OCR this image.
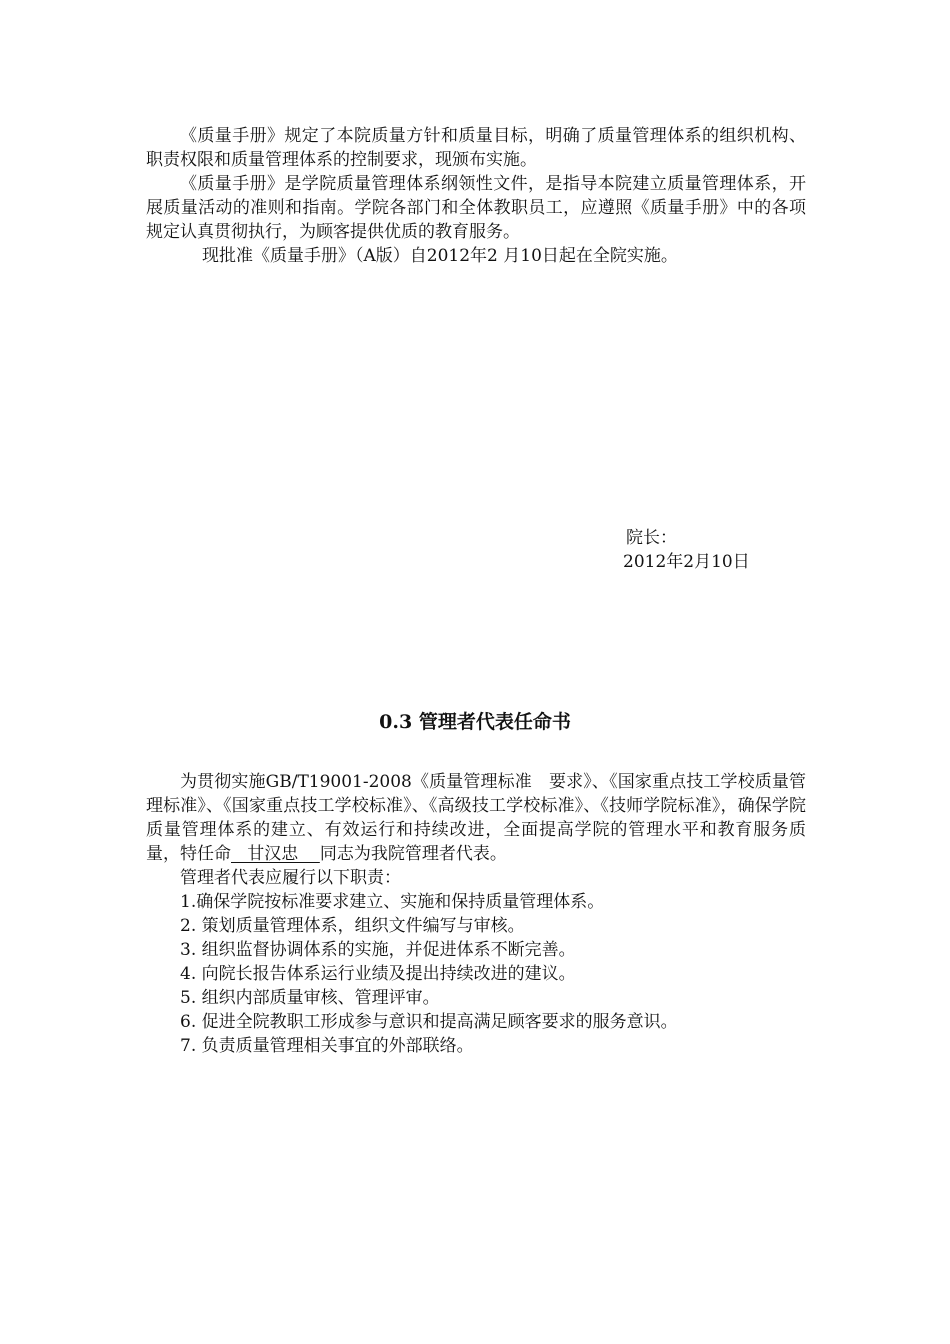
《质量手册》规定了本院质量方针和质量目标，明确了质量管理体系的组织机构、职责权限和质量管理体系的控制要求，现颁布实施。

《质量手册》是学院质量管理体系纲领性文件，是指导本院建立质量管理体系，开展质量活动的准则和指南。学院各部门和全体教职员工，应遵照《质量手册》中的各项规定认真贯彻执行，为顾客提供优质的教育服务。

现批准《质量手册》（A版）自2012年2 月10日起在全院实施。

院长：
2012年2月10日
0.3 管理者代表任命书

为贯彻实施GB/T19001-2008《质量管理标准　要求》、《国家重点技工学校质量管理标准》、《国家重点技工学校标准》、《高级技工学校标准》、《技师学院标准》，确保学院质量管理体系的建立、有效运行和持续改进，全面提高学院的管理水平和教育服务质量，特任命   甘汉忠    同志为我院管理者代表。

管理者代表应履行以下职责：
1.确保学院按标准要求建立、实施和保持质量管理体系。
2. 策划质量管理体系，组织文件编写与审核。
3. 组织监督协调体系的实施，并促进体系不断完善。
4. 向院长报告体系运行业绩及提出持续改进的建议。
5. 组织内部质量审核、管理评审。
6. 促进全院教职工形成参与意识和提高满足顾客要求的服务意识。
7. 负责质量管理相关事宜的外部联络。
